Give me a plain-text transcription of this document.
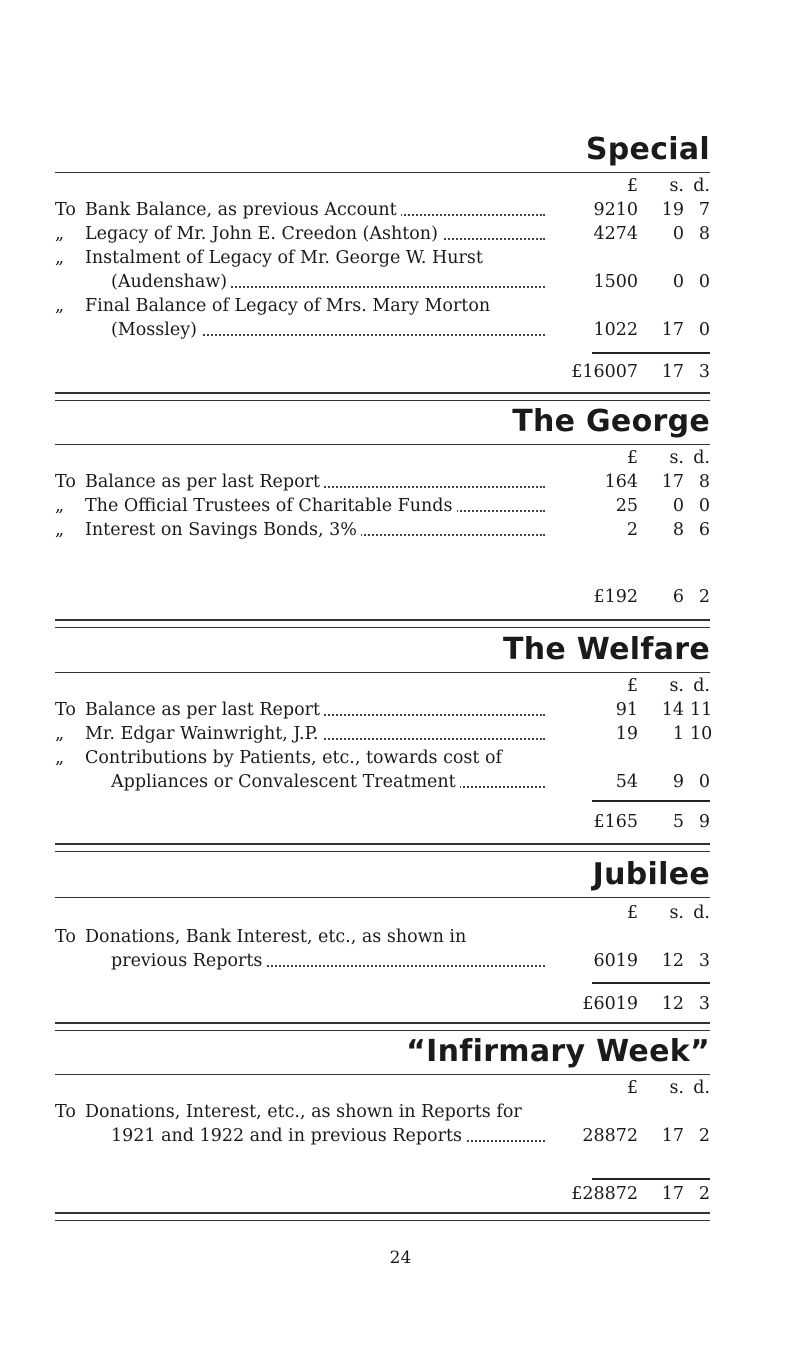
Special
£	s. d.
To Bank Balance, as previous Account	9210	19 7
„	Legacy of Mr. John E. Creedon (Ashton)	4274	0 8
„	Instalment of Legacy of Mr. George W. Hurst
(Audenshaw)	1500	0 0
„	Final Balance of Legacy of Mrs. Mary Morton
(Mossley)	1022	17 0
£16007	17 3
The George
£	s. d.
To Balance as per last Report	164	17 8
„	The Official Trustees of Charitable Funds	25	0 0
„	Interest on Savings Bonds, 3%	2	8 6
£192	6 2
The Welfare
£	s. d.
To Balance as per last Report	91	14 11
„	Mr. Edgar Wainwright, J.P.	19	1 10
„	Contributions by Patients, etc., towards cost of
Appliances or Convalescent Treatment	54	9 0
£165	5 9
Jubilee
£	s. d.
To Donations, Bank Interest, etc., as shown in
previous Reports	6019	12 3
£6019	12 3
“Infirmary Week”
£	s. d.
To Donations, Interest, etc., as shown in Reports for
1921 and 1922 and in previous Reports	28872	17 2
£28872	17 2
24
